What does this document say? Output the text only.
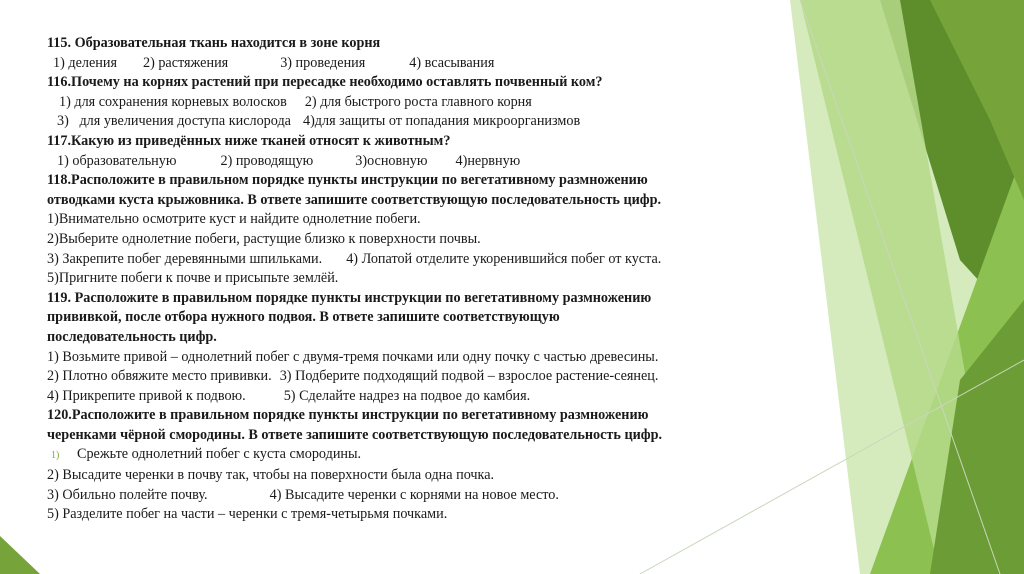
115. Образовательная ткань находится в зоне корня
1) деления 2) растяжения	3) проведения	4) всасывания
116.Почему на корнях растений при пересадке необходимо оставлять почвенный ком?
1) для сохранения корневых волосков 2) для быстрого роста главного корня
3)   для увеличения доступа кислорода 4)для защиты от попадания микроорганизмов
117.Какую из приведённых ниже тканей относят к животным?
1) образовательную	2) проводящую	3)основную 4)нервную
118.Расположите в правильном порядке пункты инструкции по вегетативному размножению
отводками куста крыжовника. В ответе запишите соответствующую последовательность цифр.
1)Внимательно осмотрите куст и найдите однолетние побеги.
2)Выберите однолетние побеги, растущие близко к поверхности почвы.
3) Закрепите побег деревянными шпильками. 4) Лопатой отделите укоренившийся побег от куста.
5)Пригните побеги к почве и присыпьте землёй.
119. Расположите в правильном порядке пункты инструкции по вегетативному размножению
прививкой, после отбора нужного подвоя. В ответе запишите соответствующую
последовательность цифр.
1) Возьмите привой – однолетний побег с двумя-тремя почками или одну почку с частью древесины.
2) Плотно обвяжите место прививки. 3) Подберите подходящий подвой – взрослое растение-сеянец.
4) Прикрепите привой к подвою.	5) Сделайте надрез на подвое до камбия.
120.Расположите в правильном порядке пункты инструкции по вегетативному размножению
черенками чёрной смородины. В ответе запишите соответствующую последовательность цифр.
1) Срежьте однолетний побег с куста смородины.
2) Высадите черенки в почву так, чтобы на поверхности была одна почка.
3) Обильно полейте почву.	4) Высадите черенки с корнями на новое место.
5) Разделите побег на части – черенки с тремя-четырьмя почками.
